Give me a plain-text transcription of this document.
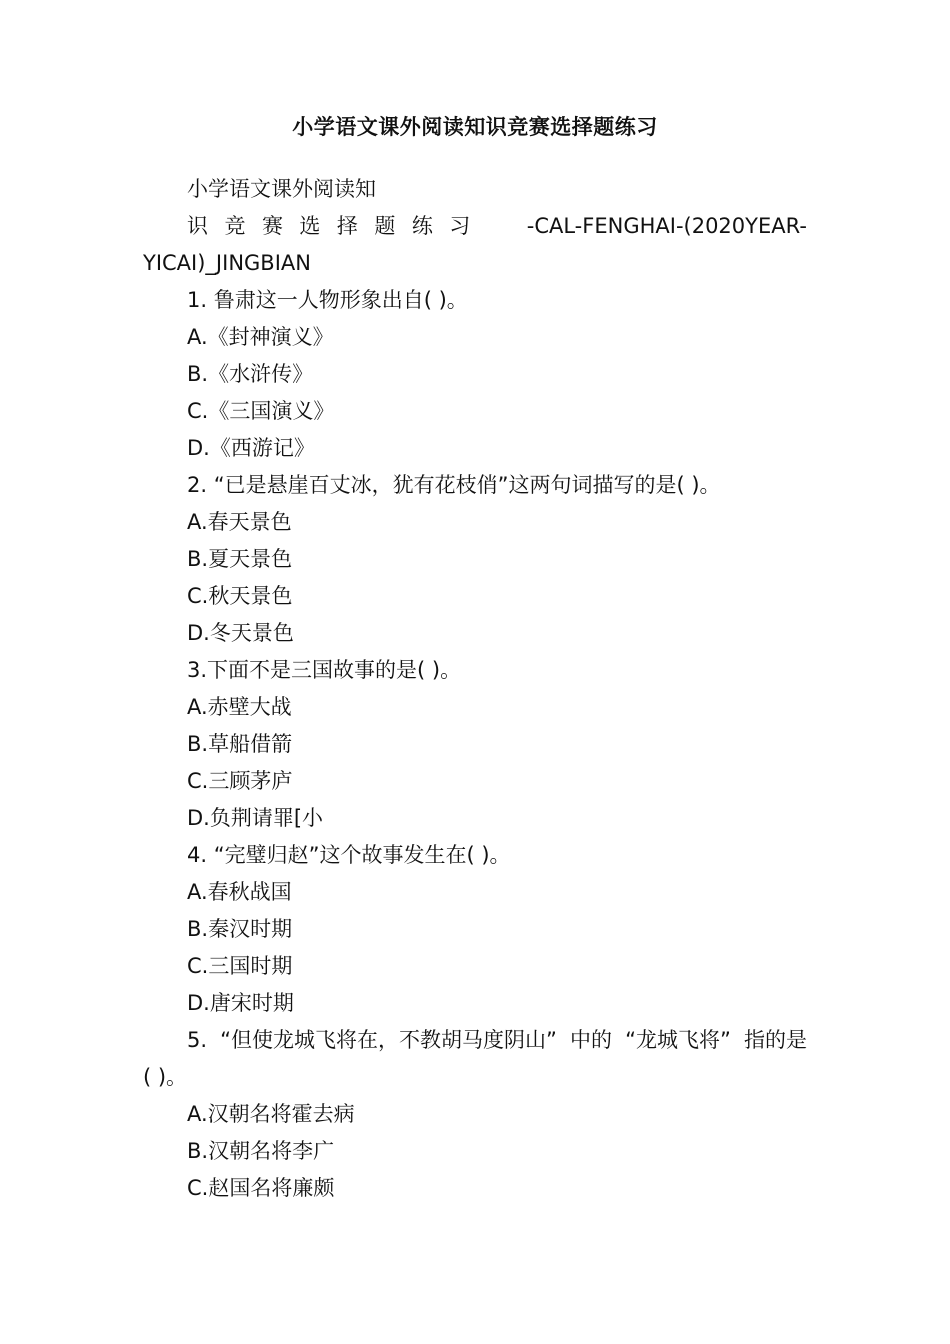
小学语文课外阅读知识竞赛选择题练习
小学语文课外阅读知
识 竞 赛 选 择 题 练 习	-CAL-FENGHAI-(2020YEAR-
YICAI)_JINGBIAN
1. 鲁肃这一人物形象出自( )。
A.《封神演义》
B.《水浒传》
C.《三国演义》
D.《西游记》
2. “已是悬崖百丈冰，犹有花枝俏”这两句词描写的是( )。
A.春天景色
B.夏天景色
C.秋天景色
D.冬天景色
3.下面不是三国故事的是( )。
A.赤壁大战
B.草船借箭
C.三顾茅庐
D.负荆请罪[小
4. “完璧归赵”这个故事发生在( )。
A.春秋战国
B.秦汉时期
C.三国时期
D.唐宋时期
5. “但使龙城飞将在，不教胡马度阴山” 中的 “龙城飞将” 指的是
( )。
A.汉朝名将霍去病
B.汉朝名将李广
C.赵国名将廉颇
